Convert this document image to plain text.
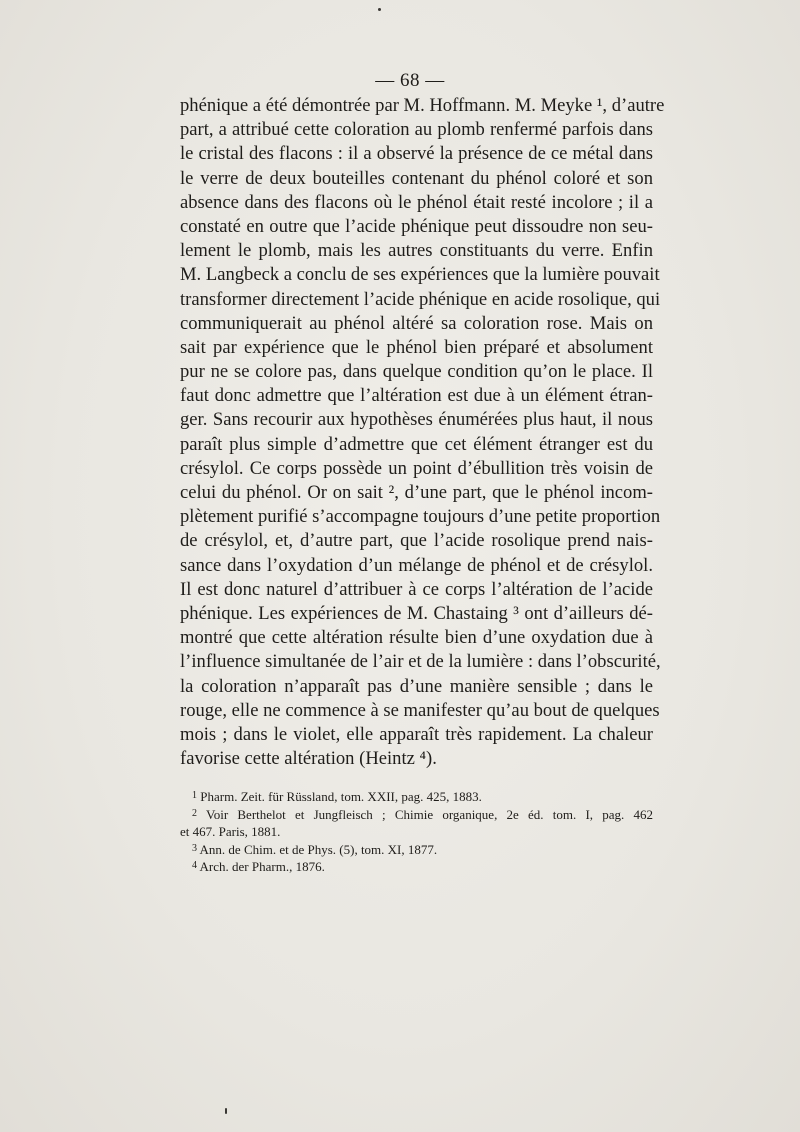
— 68 —
phénique a été démontrée par M. Hoffmann. M. Meyke ¹, d’autre
part, a attribué cette coloration au plomb renfermé parfois dans
le cristal des flacons : il a observé la présence de ce métal dans
le verre de deux bouteilles contenant du phénol coloré et son
absence dans des flacons où le phénol était resté incolore ; il a
constaté en outre que l’acide phénique peut dissoudre non seu-
lement le plomb, mais les autres constituants du verre. Enfin
M. Langbeck a conclu de ses expériences que la lumière pouvait
transformer directement l’acide phénique en acide rosolique, qui
communiquerait au phénol altéré sa coloration rose. Mais on
sait par expérience que le phénol bien préparé et absolument
pur ne se colore pas, dans quelque condition qu’on le place. Il
faut donc admettre que l’altération est due à un élément étran-
ger. Sans recourir aux hypothèses énumérées plus haut, il nous
paraît plus simple d’admettre que cet élément étranger est du
crésylol. Ce corps possède un point d’ébullition très voisin de
celui du phénol. Or on sait ², d’une part, que le phénol incom-
plètement purifié s’accompagne toujours d’une petite proportion
de crésylol, et, d’autre part, que l’acide rosolique prend nais-
sance dans l’oxydation d’un mélange de phénol et de crésylol.
Il est donc naturel d’attribuer à ce corps l’altération de l’acide
phénique. Les expériences de M. Chastaing ³ ont d’ailleurs dé-
montré que cette altération résulte bien d’une oxydation due à
l’influence simultanée de l’air et de la lumière : dans l’obscurité,
la coloration n’apparaît pas d’une manière sensible ; dans le
rouge, elle ne commence à se manifester qu’au bout de quelques
mois ; dans le violet, elle apparaît très rapidement. La chaleur
favorise cette altération (Heintz ⁴).
$^1$ Pharm. Zeit. für Rüssland, tom. XXII, pag. 425, 1883.
$^2$ Voir Berthelot et Jungfleisch ; Chimie organique, 2e éd. tom. I, pag. 462
et 467. Paris, 1881.
$^3$ Ann. de Chim. et de Phys. (5), tom. XI, 1877.
$^4$ Arch. der Pharm., 1876.
